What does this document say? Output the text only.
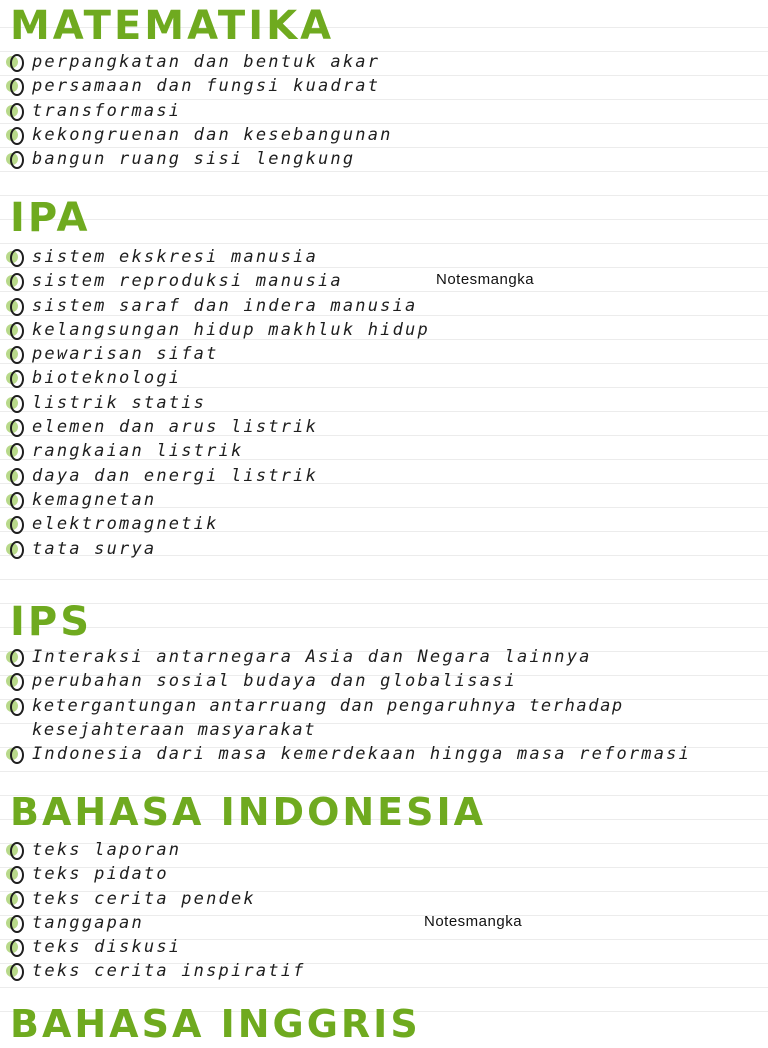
MATEMATIKA
perpangkatan dan bentuk akar
persamaan dan fungsi kuadrat
transformasi
kekongruenan dan kesebangunan
bangun ruang sisi lengkung
IPA
sistem ekskresi manusia
sistem reproduksi manusia
sistem saraf dan indera manusia
kelangsungan hidup makhluk hidup
pewarisan sifat
bioteknologi
listrik statis
elemen dan arus listrik
rangkaian listrik
daya dan energi listrik
kemagnetan
elektromagnetik
tata surya
IPS
Interaksi antarnegara Asia dan Negara lainnya
perubahan sosial budaya dan globalisasi
ketergantungan antarruang dan pengaruhnya terhadap kesejahteraan masyarakat
Indonesia dari masa kemerdekaan hingga masa reformasi
BAHASA INDONESIA
teks laporan
teks pidato
teks cerita pendek
tanggapan
teks diskusi
teks cerita inspiratif
BAHASA INGGRIS
Notesmangka
Notesmangka
